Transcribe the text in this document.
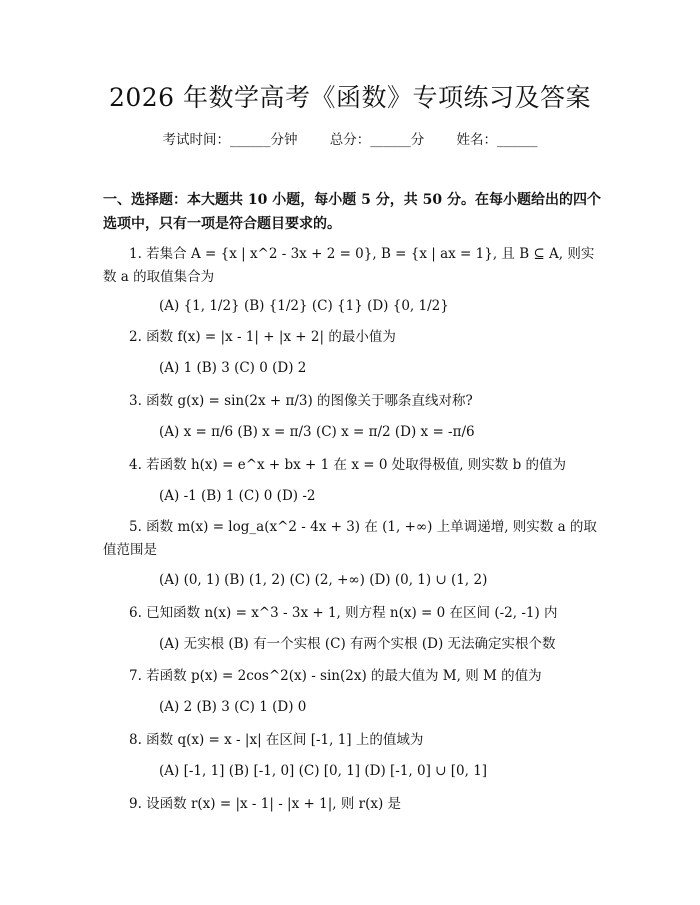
2026 年数学高考《函数》专项练习及答案
考试时间：______分钟 总分：______分 姓名：______
一、选择题：本大题共 10 小题，每小题 5 分，共 50 分。在每小题给出的四个选项中，只有一项是符合题目要求的。
1. 若集合 A = {x | x^2 - 3x + 2 = 0}, B = {x | ax = 1}, 且 B ⊆ A, 则实数 a 的取值集合为
(A) {1, 1/2} (B) {1/2} (C) {1} (D) {0, 1/2}
2. 函数 f(x) = |x - 1| + |x + 2| 的最小值为
(A) 1 (B) 3 (C) 0 (D) 2
3. 函数 g(x) = sin(2x + π/3) 的图像关于哪条直线对称?
(A) x = π/6 (B) x = π/3 (C) x = π/2 (D) x = -π/6
4. 若函数 h(x) = e^x + bx + 1 在 x = 0 处取得极值, 则实数 b 的值为
(A) -1 (B) 1 (C) 0 (D) -2
5. 函数 m(x) = log_a(x^2 - 4x + 3) 在 (1, +∞) 上单调递增, 则实数 a 的取值范围是
(A) (0, 1) (B) (1, 2) (C) (2, +∞) (D) (0, 1) ∪ (1, 2)
6. 已知函数 n(x) = x^3 - 3x + 1, 则方程 n(x) = 0 在区间 (-2, -1) 内
(A) 无实根 (B) 有一个实根 (C) 有两个实根 (D) 无法确定实根个数
7. 若函数 p(x) = 2cos^2(x) - sin(2x) 的最大值为 M, 则 M 的值为
(A) 2 (B) 3 (C) 1 (D) 0
8. 函数 q(x) = x - |x| 在区间 [-1, 1] 上的值域为
(A) [-1, 1] (B) [-1, 0] (C) [0, 1] (D) [-1, 0] ∪ [0, 1]
9. 设函数 r(x) = |x - 1| - |x + 1|, 则 r(x) 是
